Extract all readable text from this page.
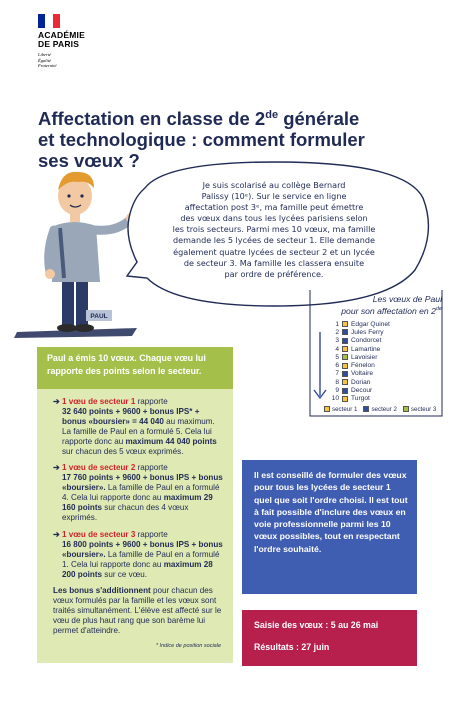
ACADÉMIE
DE PARIS
Liberté
Égalité
Fraternité
Affectation en classe de 2de générale
et technologique : comment formuler
ses vœux ?
PAUL
Je suis scolarisé au collège Bernard
Palissy (10ᵉ). Sur le service en ligne
affectation post 3ᵉ, ma famille peut émettre
des vœux dans tous les lycées parisiens selon
les trois secteurs. Parmi mes 10 vœux, ma famille
demande les 5 lycées de secteur 1. Elle demande
également quatre lycées de secteur 2 et un lycée
de secteur 3. Ma famille les classera ensuite
par ordre de préférence.
Les vœux de Paul
pour son affectation en 2de
1	Edgar Quinet
2	Jules Ferry
3	Condorcet
4	Lamartine
5	Lavoisier
6	Fénelon
7	Voltaire
8	Dorian
9	Decour
10	Turgot
secteur 1	secteur 2	secteur 3
Paul a émis 10 vœux. Chaque vœu lui rapporte des points selon le secteur.
➔ 1 vœu de secteur 1 rapporte
32 640 points + 9600 + bonus IPS* + bonus «boursier» = 44 040 au maximum. La famille de Paul en a formulé 5. Cela lui rapporte donc au maximum 44 040 points sur chacun des 5 vœux exprimés.
➔ 1 vœu de secteur 2 rapporte
17 760 points + 9600 + bonus IPS + bonus «boursier». La famille de Paul en a formulé 4. Cela lui rapporte donc au maximum 29 160 points sur chacun des 4 vœux exprimés.
➔ 1 vœu de secteur 3 rapporte
16 800 points + 9600 + bonus IPS + bonus «boursier». La famille de Paul en a formulé 1. Cela lui rapporte donc au maximum 28 200 points sur ce vœu.
Les bonus s'additionnent pour chacun des vœux formulés par la famille et les vœux sont traités simultanément. L'élève est affecté sur le vœu de plus haut rang que son barème lui permet d'atteindre.
* Indice de position sociale
Il est conseillé de formuler des vœux pour tous les lycées de secteur 1 quel que soit l'ordre choisi. Il est tout à fait possible d'inclure des vœux en voie professionnelle parmi les 10 vœux possibles, tout en respectant l'ordre souhaité.
Saisie des vœux : 5 au 26 mai
Résultats : 27 juin
